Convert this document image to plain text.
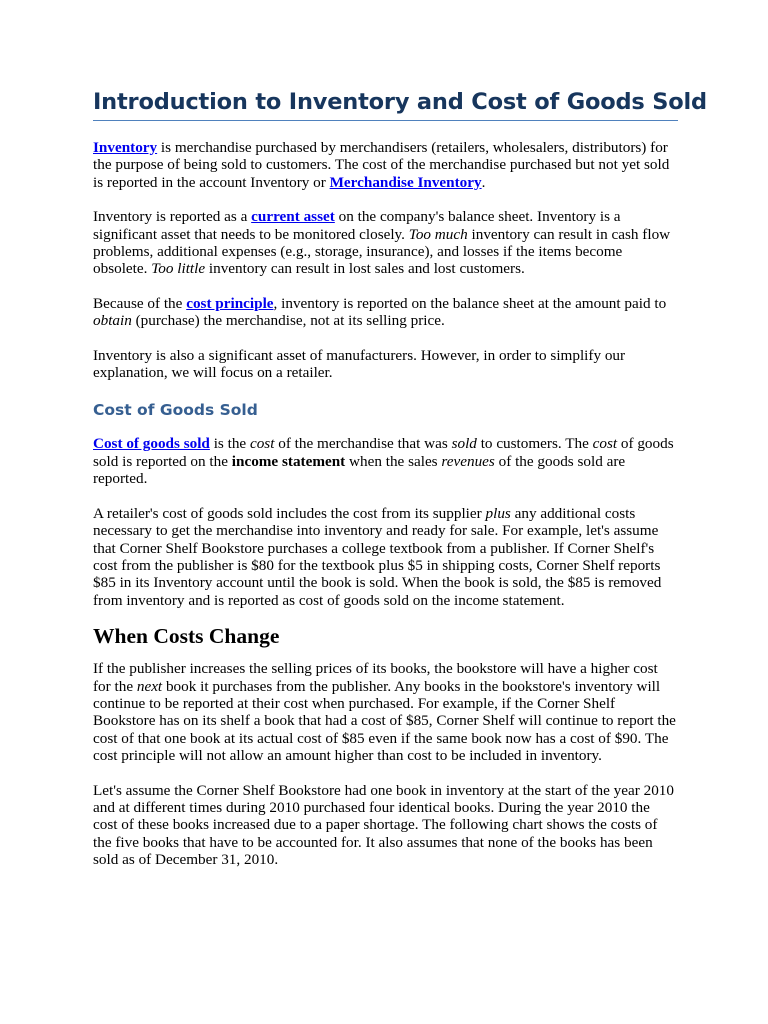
Introduction to Inventory and Cost of Goods Sold

Inventory is merchandise purchased by merchandisers (retailers, wholesalers, distributors) for the purpose of being sold to customers. The cost of the merchandise purchased but not yet sold is reported in the account Inventory or Merchandise Inventory.

Inventory is reported as a current asset on the company's balance sheet. Inventory is a significant asset that needs to be monitored closely. Too much inventory can result in cash flow problems, additional expenses (e.g., storage, insurance), and losses if the items become obsolete. Too little inventory can result in lost sales and lost customers.

Because of the cost principle, inventory is reported on the balance sheet at the amount paid to obtain (purchase) the merchandise, not at its selling price.

Inventory is also a significant asset of manufacturers. However, in order to simplify our explanation, we will focus on a retailer.

Cost of Goods Sold

Cost of goods sold is the cost of the merchandise that was sold to customers. The cost of goods sold is reported on the income statement when the sales revenues of the goods sold are reported.

A retailer's cost of goods sold includes the cost from its supplier plus any additional costs necessary to get the merchandise into inventory and ready for sale. For example, let's assume that Corner Shelf Bookstore purchases a college textbook from a publisher. If Corner Shelf's cost from the publisher is $80 for the textbook plus $5 in shipping costs, Corner Shelf reports $85 in its Inventory account until the book is sold. When the book is sold, the $85 is removed from inventory and is reported as cost of goods sold on the income statement.

When Costs Change

If the publisher increases the selling prices of its books, the bookstore will have a higher cost for the next book it purchases from the publisher. Any books in the bookstore's inventory will continue to be reported at their cost when purchased. For example, if the Corner Shelf Bookstore has on its shelf a book that had a cost of $85, Corner Shelf will continue to report the cost of that one book at its actual cost of $85 even if the same book now has a cost of $90. The cost principle will not allow an amount higher than cost to be included in inventory.

Let's assume the Corner Shelf Bookstore had one book in inventory at the start of the year 2010 and at different times during 2010 purchased four identical books. During the year 2010 the cost of these books increased due to a paper shortage. The following chart shows the costs of the five books that have to be accounted for. It also assumes that none of the books has been sold as of December 31, 2010.
